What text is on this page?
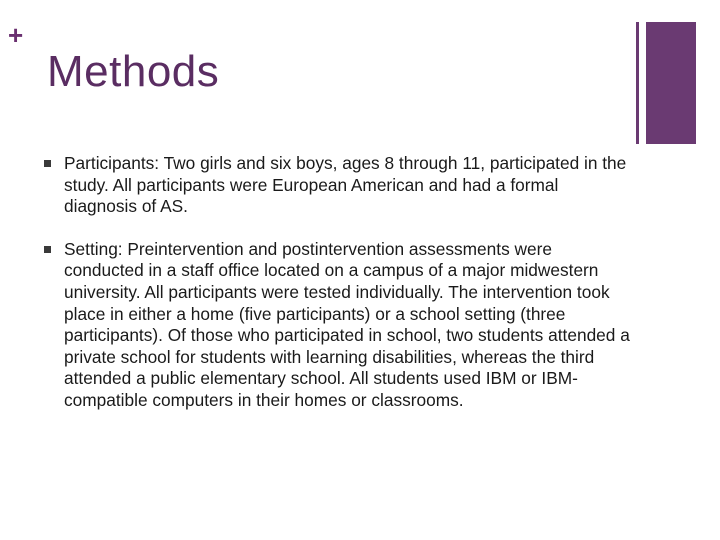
+
Methods
Participants: Two girls and six boys, ages 8 through 11, participated in the study. All participants were European American and had a formal diagnosis of AS.
Setting: Preintervention and postintervention assessments were conducted in a staff office located on a campus of a major midwestern university. All participants were tested individually. The intervention took place in either a home (five participants) or a school setting (three participants). Of those who participated in school, two students attended a private school for students with learning disabilities, whereas the third attended a public elementary school. All students used IBM or IBM-compatible computers in their homes or classrooms.
